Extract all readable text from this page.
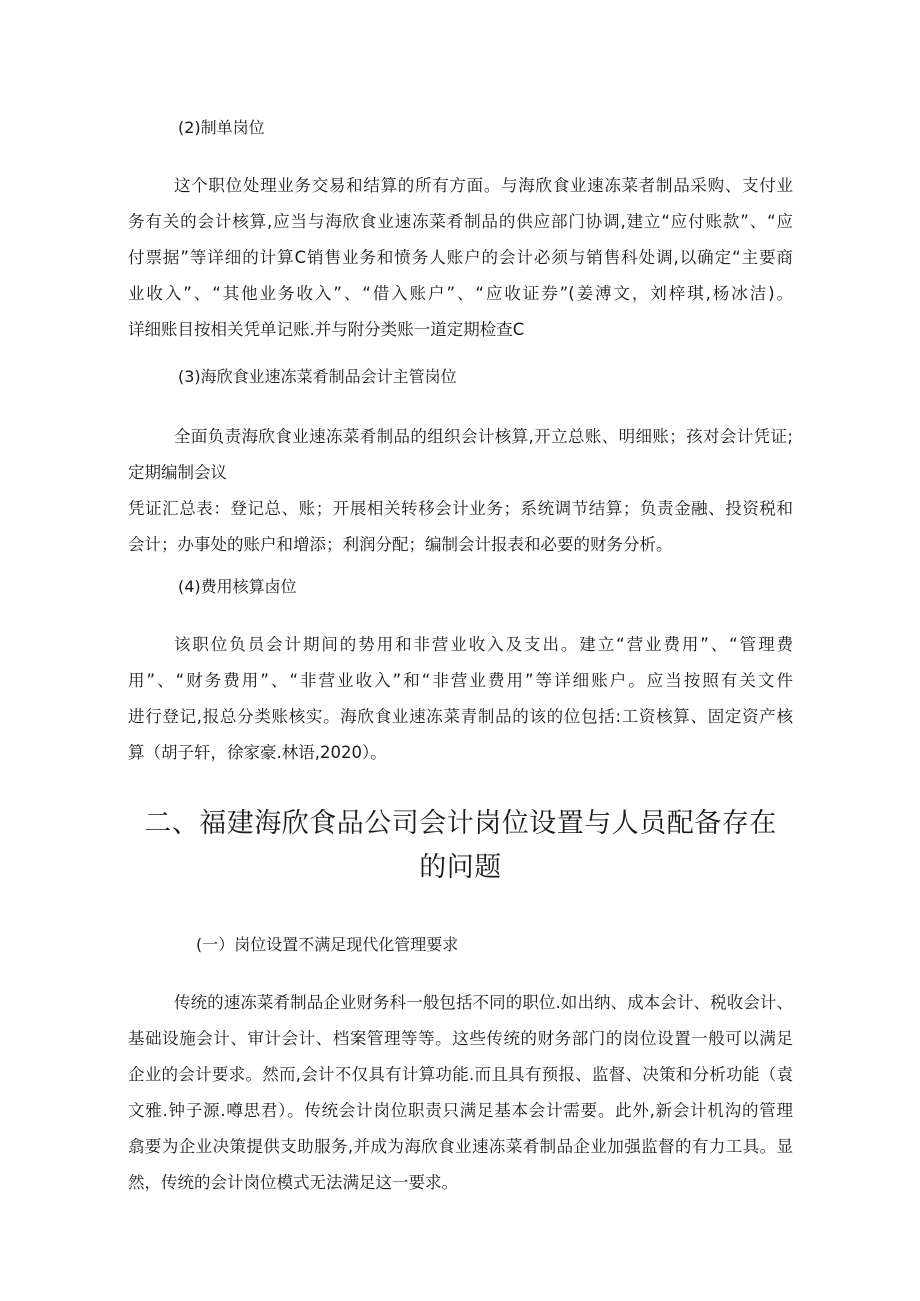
(2)制单岗位
这个职位处理业务交易和结算的所有方面。与海欣食业速冻菜者制品采购、支付业
务有关的会计核算,应当与海欣食业速冻菜肴制品的供应部门协调,建立“应付账款”、“应
付票据”等详细的计算C销售业务和愤务人账户的会计必须与销售科处调,以确定“主要商
业收入”、“其他业务收入”、“借入账户”、“应收证券”(姜溥文，刘梓琪,杨冰洁)。
详细账目按相关凭单记账.并与附分类账一道定期检查C
(3)海欣食业速冻菜肴制品会计主管岗位
全面负责海欣食业速冻菜肴制品的组织会计核算,开立总账、明细账；孩对会计凭证;
定期编制会议
凭证汇总表：登记总、账；开展相关转移会计业务；系统调节结算；负责金融、投资税和
会计；办事处的账户和增添；利润分配；编制会计报表和必要的财务分析。
(4)费用核算卤位
该职位负员会计期间的势用和非营业收入及支出。建立“营业费用”、“管理费
用”、“财务费用”、“非营业收入”和“非营业费用”等详细账户。应当按照有关文件
进行登记,报总分类账核实。海欣食业速冻菜青制品的该的位包括:工资核算、固定资产核
算（胡子轩，徐家豪.林语,2020）。
二、福建海欣食品公司会计岗位设置与人员配备存在
的问题
(一）岗位设置不满足现代化管理要求
传统的速冻菜肴制品企业财务科一般包括不同的职位.如出纳、成本会计、税收会计、
基础设施会计、审计会计、档案管理等等。这些传统的财务部门的岗位设置一般可以满足
企业的会计要求。然而,会计不仅具有计算功能.而且具有预报、监督、决策和分析功能（袁
文雅.钟子源.噂思君）。传统会计岗位职责只满足基本会计需要。此外,新会计机沟的管理
翕要为企业决策提供支助服务,并成为海欣食业速冻菜肴制品企业加强监督的有力工具。显
然，传统的会计岗位模式无法满足这一要求。
